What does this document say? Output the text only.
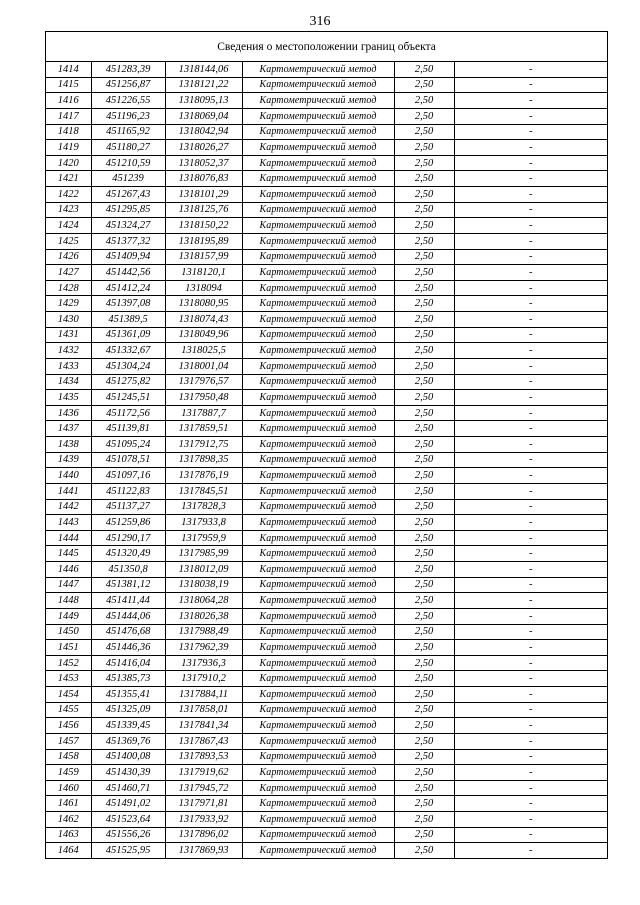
316
Сведения о местоположении границ объекта
1414	451283,39	1318144,06	Картометрический метод	2,50	-
1415	451256,87	1318121,22	Картометрический метод	2,50	-
1416	451226,55	1318095,13	Картометрический метод	2,50	-
1417	451196,23	1318069,04	Картометрический метод	2,50	-
1418	451165,92	1318042,94	Картометрический метод	2,50	-
1419	451180,27	1318026,27	Картометрический метод	2,50	-
1420	451210,59	1318052,37	Картометрический метод	2,50	-
1421	451239	1318076,83	Картометрический метод	2,50	-
1422	451267,43	1318101,29	Картометрический метод	2,50	-
1423	451295,85	1318125,76	Картометрический метод	2,50	-
1424	451324,27	1318150,22	Картометрический метод	2,50	-
1425	451377,32	1318195,89	Картометрический метод	2,50	-
1426	451409,94	1318157,99	Картометрический метод	2,50	-
1427	451442,56	1318120,1	Картометрический метод	2,50	-
1428	451412,24	1318094	Картометрический метод	2,50	-
1429	451397,08	1318080,95	Картометрический метод	2,50	-
1430	451389,5	1318074,43	Картометрический метод	2,50	-
1431	451361,09	1318049,96	Картометрический метод	2,50	-
1432	451332,67	1318025,5	Картометрический метод	2,50	-
1433	451304,24	1318001,04	Картометрический метод	2,50	-
1434	451275,82	1317976,57	Картометрический метод	2,50	-
1435	451245,51	1317950,48	Картометрический метод	2,50	-
1436	451172,56	1317887,7	Картометрический метод	2,50	-
1437	451139,81	1317859,51	Картометрический метод	2,50	-
1438	451095,24	1317912,75	Картометрический метод	2,50	-
1439	451078,51	1317898,35	Картометрический метод	2,50	-
1440	451097,16	1317876,19	Картометрический метод	2,50	-
1441	451122,83	1317845,51	Картометрический метод	2,50	-
1442	451137,27	1317828,3	Картометрический метод	2,50	-
1443	451259,86	1317933,8	Картометрический метод	2,50	-
1444	451290,17	1317959,9	Картометрический метод	2,50	-
1445	451320,49	1317985,99	Картометрический метод	2,50	-
1446	451350,8	1318012,09	Картометрический метод	2,50	-
1447	451381,12	1318038,19	Картометрический метод	2,50	-
1448	451411,44	1318064,28	Картометрический метод	2,50	-
1449	451444,06	1318026,38	Картометрический метод	2,50	-
1450	451476,68	1317988,49	Картометрический метод	2,50	-
1451	451446,36	1317962,39	Картометрический метод	2,50	-
1452	451416,04	1317936,3	Картометрический метод	2,50	-
1453	451385,73	1317910,2	Картометрический метод	2,50	-
1454	451355,41	1317884,11	Картометрический метод	2,50	-
1455	451325,09	1317858,01	Картометрический метод	2,50	-
1456	451339,45	1317841,34	Картометрический метод	2,50	-
1457	451369,76	1317867,43	Картометрический метод	2,50	-
1458	451400,08	1317893,53	Картометрический метод	2,50	-
1459	451430,39	1317919,62	Картометрический метод	2,50	-
1460	451460,71	1317945,72	Картометрический метод	2,50	-
1461	451491,02	1317971,81	Картометрический метод	2,50	-
1462	451523,64	1317933,92	Картометрический метод	2,50	-
1463	451556,26	1317896,02	Картометрический метод	2,50	-
1464	451525,95	1317869,93	Картометрический метод	2,50	-
